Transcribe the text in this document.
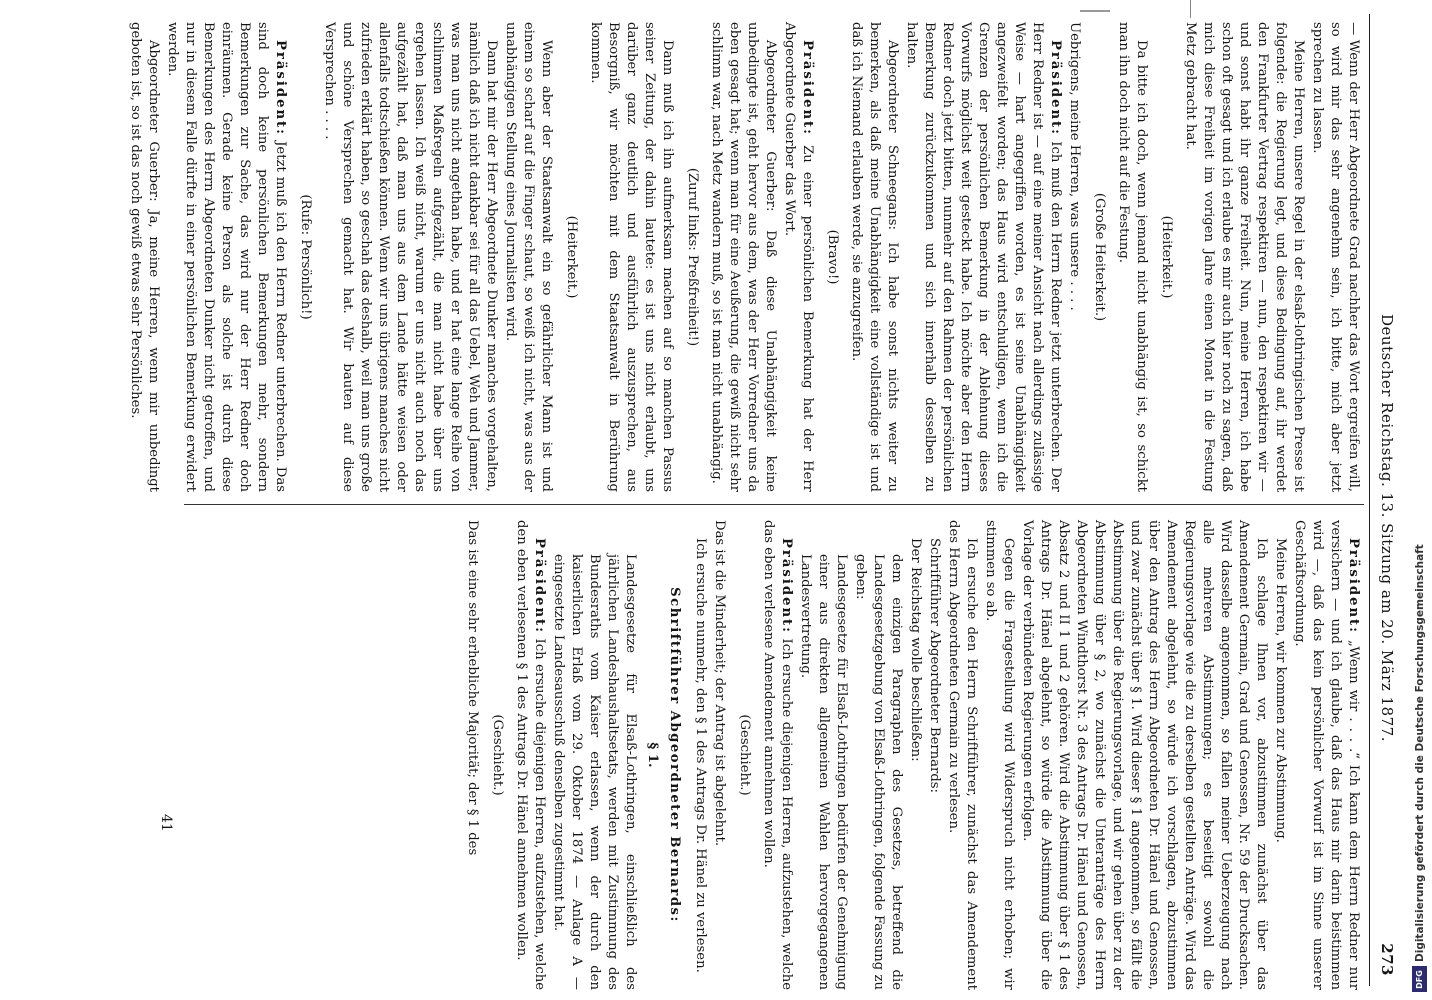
Deutscher Reichstag. 13. Sitzung am 20. März 1877.
273

— Wenn der Herr Abgeordnete Grad nachher das Wort ergreifen will, so wird mir das sehr angenehm sein, ich bitte, mich aber jetzt sprechen zu lassen.

Meine Herren, unsere Regel in der elsaß-lothringischen Presse ist folgende: die Regierung legt, und diese Bedingung auf, ihr werdet den Frankfurter Vertrag respektiren — nun, den respektiren wir — und sonst habt ihr ganze Freiheit. Nun, meine Herren, ich habe schon oft gesagt und ich erlaube es mir auch hier noch zu sagen, daß mich diese Freiheit im vorigen Jahre einen Monat in die Festung Metz gebracht hat.

(Heiterkeit.)

Da bitte ich doch, wenn jemand nicht unabhängig ist, so schickt man ihn doch nicht auf die Festung.

(Große Heiterkeit.)

Uebrigens, meine Herren, was unsere . . . .

Präsident: Ich muß den Herrn Redner jetzt unterbrechen. Der Herr Redner ist — auf eine meiner Ansicht nach allerdings zulässige Weise — hart angegriffen worden, es ist seine Unabhängigkeit angezweifelt worden; das Haus wird entschuldigen, wenn ich die Grenzen der persönlichen Bemerkung in der Ablehnung dieses Vorwurfs möglichst weit gesteckt habe. Ich möchte aber den Herrn Redner doch jetzt bitten, nunmehr auf den Rahmen der persönlichen Bemerkung zurückzukommen und sich innerhalb desselben zu halten.

Abgeordneter Schneegans: Ich habe sonst nichts weiter zu bemerken, als daß meine Unabhängigkeit eine vollständige ist und daß ich Niemand erlauben werde, sie anzugreifen.

(Bravo!)

Präsident: Zu einer persönlichen Bemerkung hat der Herr Abgeordnete Guerber das Wort.

Abgeordneter Guerber: Daß diese Unabhängigkeit keine unbedingte ist, geht hervor aus dem, was der Herr Vorredner uns da eben gesagt hat; wenn man für eine Aeußerung, die gewiß nicht sehr schlimm war, nach Metz wandern muß, so ist man nicht unabhängig.

(Zuruf links: Preßfreiheit!)

Dann muß ich ihn aufmerksam machen auf so manchen Passus seiner Zeitung, der dahin lautete: es ist uns nicht erlaubt, uns darüber ganz deutlich und ausführlich auszusprechen, aus Besorgniß, wir möchten mit dem Staatsanwalt in Berührung kommen.

(Heiterkeit.)

Wenn aber der Staatsanwalt ein so gefährlicher Mann ist und einem so scharf auf die Finger schaut, so weiß ich nicht, was aus der unabhängigen Stellung eines Journalisten wird.

Dann hat mir der Herr Abgeordnete Dunker manches vorgehalten, nämlich daß ich nicht dankbar sei für all das Uebel, Weh und Jammer, was man uns nicht angethan habe, und er hat eine lange Reihe von schlimmen Maßregeln aufgezählt, die man nicht habe über uns ergehen lassen. Ich weiß nicht, warum er uns nicht auch noch das aufgezählt hat, daß man uns aus dem Lande hätte weisen oder allenfalls todtschießen können. Wenn wir uns übrigens manches nicht zufrieden erklärt haben, so geschah das deshalb, weil man uns große und schöne Versprechen gemacht hat. Wir bauten auf diese Versprechen . . . .

(Rufe: Persönlich!)

Präsident: Jetzt muß ich den Herrn Redner unterbrechen. Das sind doch keine persönlichen Bemerkungen mehr, sondern Bemerkungen zur Sache, das wird nur der Herr Redner doch einräumen. Gerade keine Person als solche ist durch diese Bemerkungen des Herrn Abgeordneten Dunker nicht getroffen, und nur in diesem Falle dürfte in einer persönlichen Bemerkung erwidert werden.

Abgeordneter Guerber: Ja, meine Herren, wenn mir unbedingt geboten ist, so ist das noch gewiß etwas sehr Persönliches.

Präsident: „Wenn wir . . . .“ Ich kann dem Herrn Redner nur versichern — und ich glaube, daß das Haus mir darin beistimmen wird —, daß das kein persönlicher Vorwurf ist im Sinne unserer Geschäftsordnung.

Meine Herren, wir kommen zur Abstimmung.

Ich schlage Ihnen vor, abzustimmen zunächst über das Amendement Germain, Grad und Genossen, Nr. 59 der Drucksachen. Wird dasselbe angenommen, so fallen meiner Ueberzeugung nach alle mehreren Abstimmungen; es beseitigt sowohl die Regierungsvorlage wie die zu derselben gestellten Anträge. Wird das Amendement abgelehnt, so würde ich vorschlagen, abzustimmen über den Antrag des Herrn Abgeordneten Dr. Hänel und Genossen, und zwar zunächst über § 1. Wird dieser § 1 angenommen, so fällt die Abstimmung über die Regierungsvorlage, und wir gehen über zu der Abstimmung über § 2, wo zunächst die Unteranträge des Herrn Abgeordneten Windthorst Nr. 3 des Antrags Dr. Hänel und Genossen, Absatz 2 und II 1 und 2 gehören. Wird die Abstimmung über § 1 des Antrags Dr. Hänel abgelehnt, so würde die Abstimmung über die Vorlage der verbündeten Regierungen erfolgen.

Gegen die Fragestellung wird Widerspruch nicht erhoben; wir stimmen so ab.

Ich ersuche den Herrn Schriftführer, zunächst das Amendement des Herrn Abgeordneten Germain zu verlesen.

Schriftführer Abgeordneter Bernards:

Der Reichstag wolle beschließen:

dem einzigen Paragraphen des Gesetzes, betreffend die Landesgesetzgebung von Elsaß-Lothringen, folgende Fassung zu geben:

Landesgesetze für Elsaß-Lothringen bedürfen der Genehmigung einer aus direkten allgemeinen Wahlen hervorgegangenen Landesvertretung.

Präsident: Ich ersuche diejenigen Herren, aufzustehen, welche das eben verlesene Amendement annehmen wollen.

(Geschieht.)

Das ist die Minderheit; der Antrag ist abgelehnt.

Ich ersuche nunmehr, den § 1 des Antrags Dr. Hänel zu verlesen.

Schriftführer Abgeordneter Bernards:
§ 1.

Landesgesetze für Elsaß-Lothringen, einschließlich des jährlichen Landeshaushaltsetats, werden mit Zustimmung des Bundesraths vom Kaiser erlassen, wenn der durch den kaiserlichen Erlaß vom 29. Oktober 1874 — Anlage A — eingesetzte Landesausschuß denselben zugestimmt hat.

Präsident: Ich ersuche diejenigen Herren, aufzustehen, welche den eben verlesenen § 1 des Antrags Dr. Hänel annehmen wollen.

(Geschieht.)

Das ist eine sehr erhebliche Majorität; der § 1 des

41	Digitalisierung gefördert durch die Deutsche Forschungsgemeinschaft
DFG
